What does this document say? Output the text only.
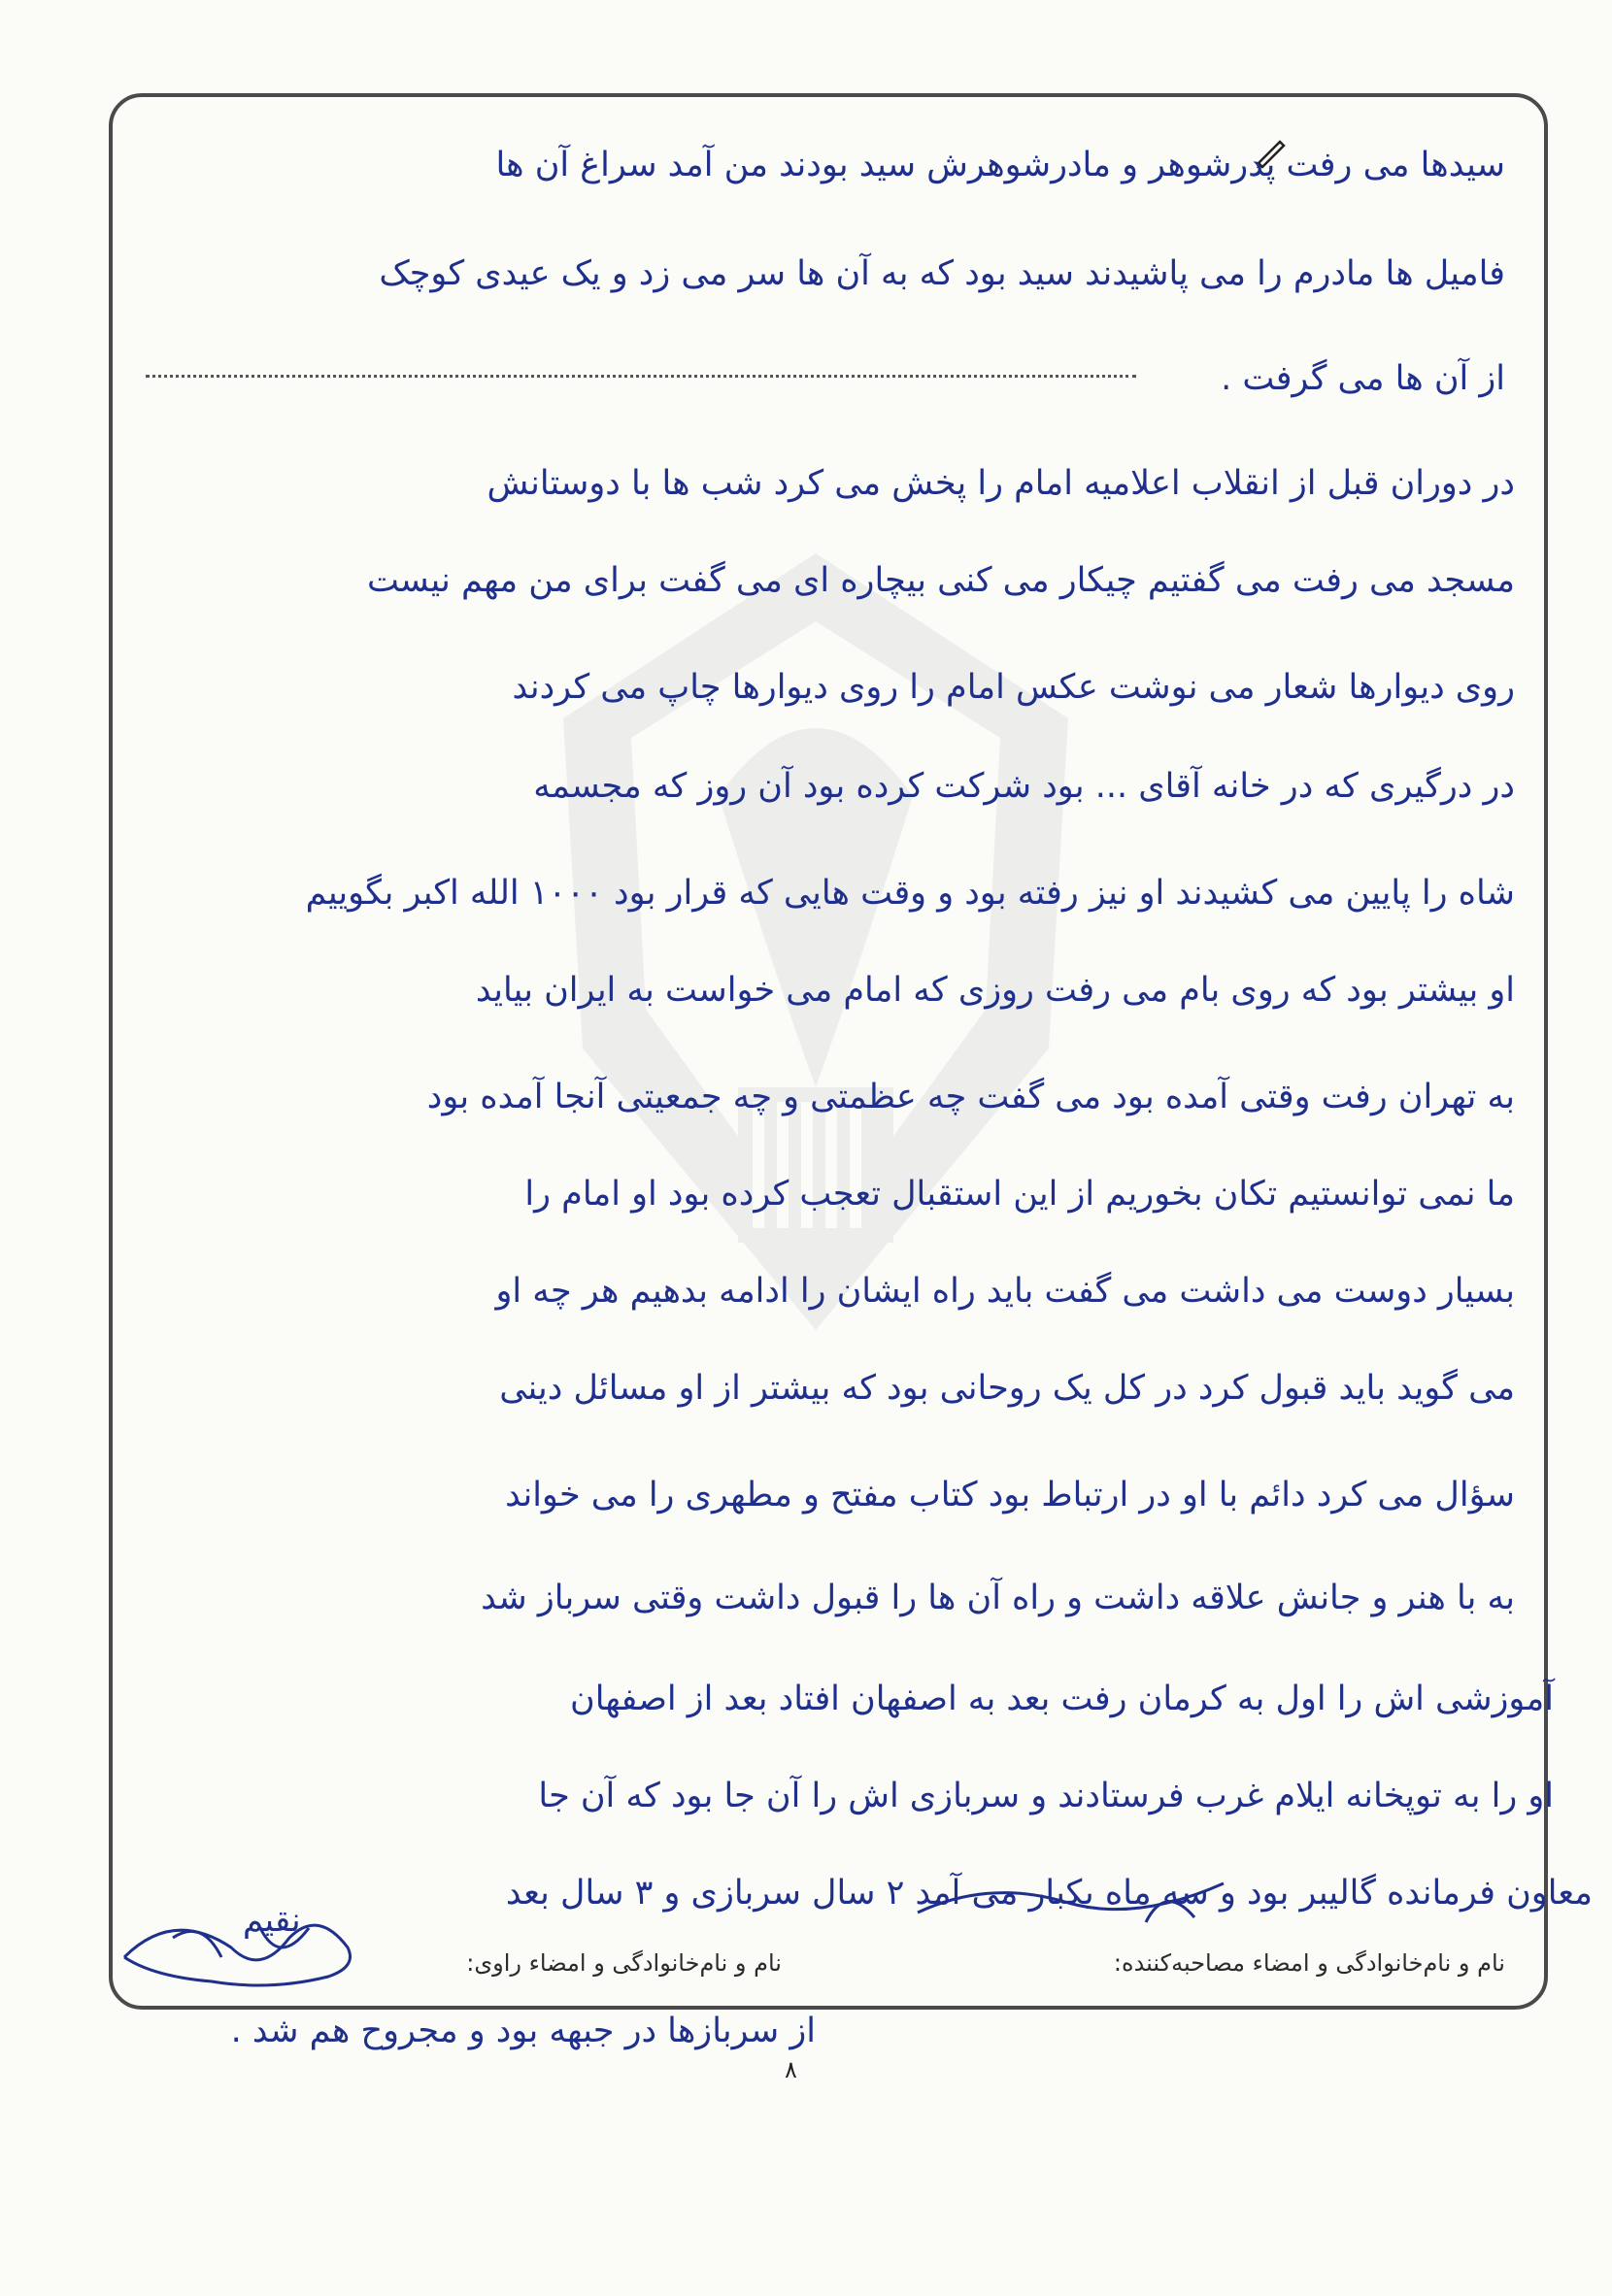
سیدها می رفت پدرشوهر و مادرشوهرش سید بودند من آمد سراغ آن ها
فامیل ها مادرم را می پاشیدند سید بود که به آن ها سر می زد و یک عیدی کوچک
از آن ها می گرفت .
در دوران قبل از انقلاب اعلامیه امام را پخش می کرد شب ها با دوستانش
مسجد می رفت می گفتیم چیکار می کنی بیچاره ای می گفت برای من مهم نیست
روی دیوارها شعار می نوشت عکس امام را روی دیوارها چاپ می کردند
در درگیری که در خانه آقای ... بود شرکت کرده بود آن روز که مجسمه
شاه را پایین می کشیدند او نیز رفته بود و وقت هایی که قرار بود ۱۰۰۰ الله اکبر بگوییم
او بیشتر بود که روی بام می رفت روزی که امام می خواست به ایران بیاید
به تهران رفت وقتی آمده بود می گفت چه عظمتی و چه جمعیتی آنجا آمده بود
ما نمی توانستیم تکان بخوریم از این استقبال تعجب کرده بود او امام را
بسیار دوست می داشت می گفت باید راه ایشان را ادامه بدهیم هر چه او
می گوید باید قبول کرد در کل یک روحانی بود که بیشتر از او مسائل دینی
سؤال می کرد دائم با او در ارتباط بود کتاب مفتح و مطهری را می خواند
به با هنر و جانش علاقه داشت و راه آن ها را قبول داشت وقتی سرباز شد
آموزشی اش را اول به کرمان رفت بعد به اصفهان افتاد بعد از اصفهان
او را به توپخانه ایلام غرب فرستادند و سربازی اش را آن جا بود که آن جا
معاون فرمانده گالیبر بود و سه ماه یکبار می آمد ۲ سال سربازی و ۳ سال بعد
نام و نام‌خانوادگی و امضاء مصاحبه‌کننده:
نام و نام‌خانوادگی و امضاء راوی:
نقیم
از سربازها در جبهه بود و مجروح هم شد .
۸
